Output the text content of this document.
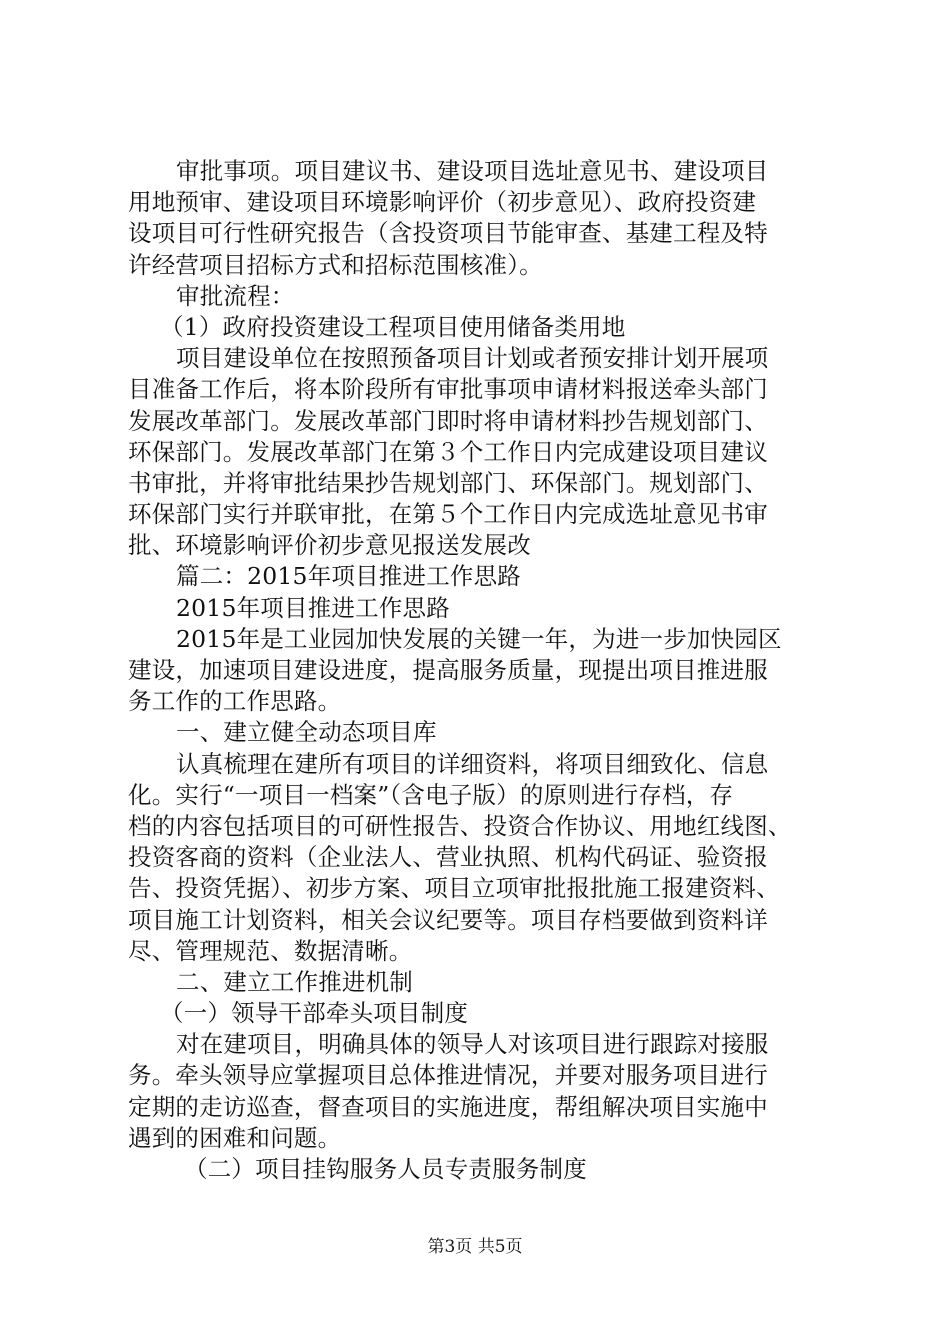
审批事项。项目建议书、建设项目选址意见书、建设项目
用地预审、建设项目环境影响评价（初步意见）、政府投资建
设项目可行性研究报告（含投资项目节能审查、基建工程及特
许经营项目招标方式和招标范围核准）。
审批流程：
（1）政府投资建设工程项目使用储备类用地
项目建设单位在按照预备项目计划或者预安排计划开展项
目准备工作后，将本阶段所有审批事项申请材料报送牵头部门
发展改革部门。发展改革部门即时将申请材料抄告规划部门、
环保部门。发展改革部门在第３个工作日内完成建设项目建议
书审批，并将审批结果抄告规划部门、环保部门。规划部门、
环保部门实行并联审批，在第５个工作日内完成选址意见书审
批、环境影响评价初步意见报送发展改
篇二：2015年项目推进工作思路
2015年项目推进工作思路
2015年是工业园加快发展的关键一年，为进一步加快园区
建设，加速项目建设进度，提高服务质量，现提出项目推进服
务工作的工作思路。
一、建立健全动态项目库
认真梳理在建所有项目的详细资料，将项目细致化、信息
化。实行“一项目一档案”（含电子版）的原则进行存档，存
档的内容包括项目的可研性报告、投资合作协议、用地红线图、
投资客商的资料（企业法人、营业执照、机构代码证、验资报
告、投资凭据）、初步方案、项目立项审批报批施工报建资料、
项目施工计划资料，相关会议纪要等。项目存档要做到资料详
尽、管理规范、数据清晰。
二、建立工作推进机制
（一）领导干部牵头项目制度
对在建项目，明确具体的领导人对该项目进行跟踪对接服
务。牵头领导应掌握项目总体推进情况，并要对服务项目进行
定期的走访巡查，督查项目的实施进度，帮组解决项目实施中
遇到的困难和问题。
（二）项目挂钩服务人员专责服务制度
第3页 共5页
